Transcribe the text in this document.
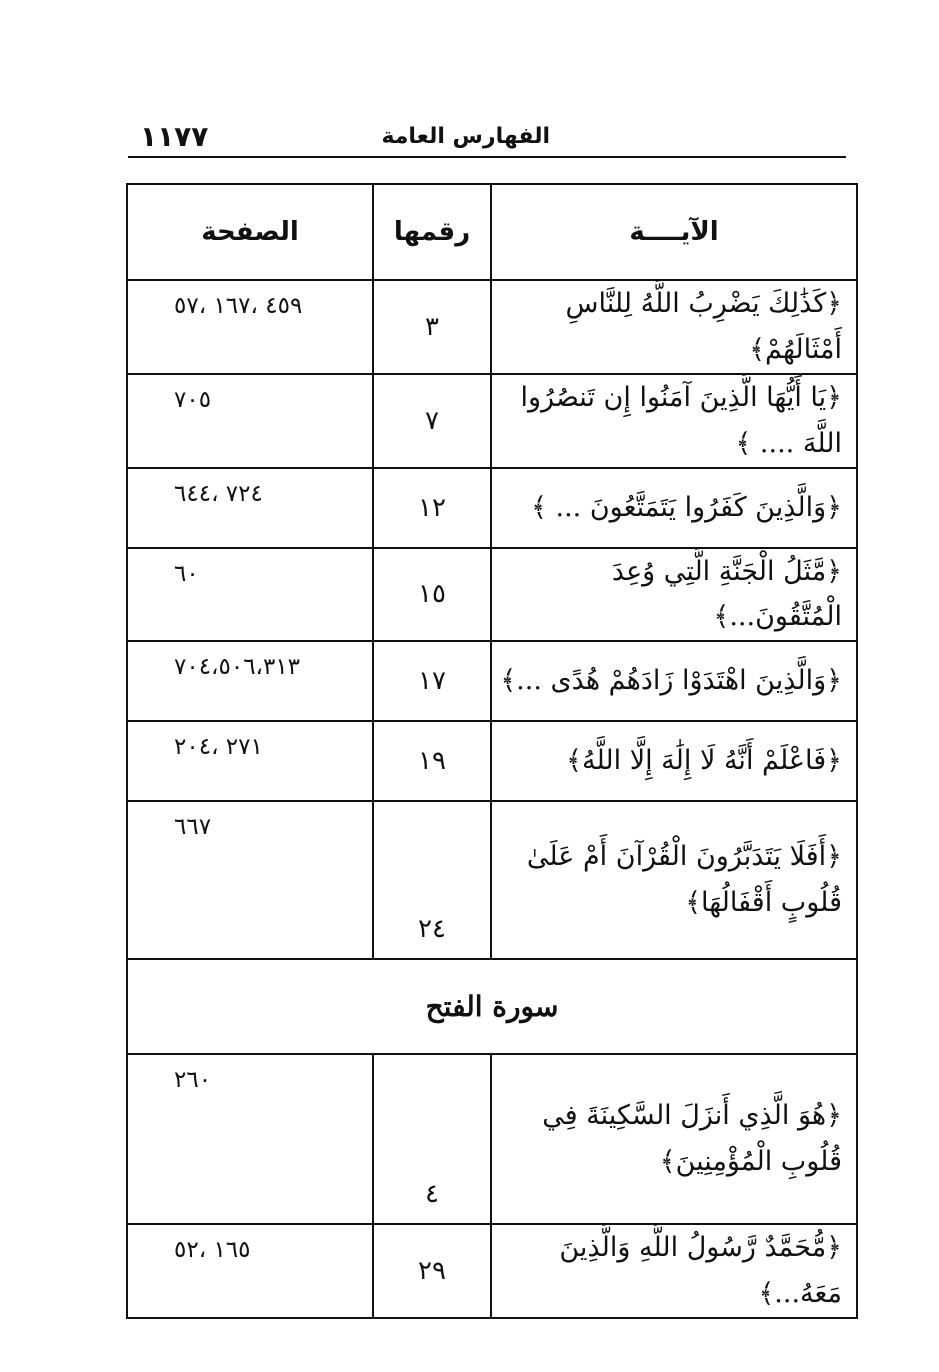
١١٧٧	الفهارس العامة
الآيــــة	رقمها	الصفحة
﴿كَذَٰلِكَ يَضْرِبُ اللَّهُ لِلنَّاسِ أَمْثَالَهُمْ﴾	٣	٤٥٩ ،١٦٧ ،٥٧
﴿يَا أَيُّهَا الَّذِينَ آمَنُوا إِن تَنصُرُوا اللَّهَ .... ﴾	٧	٧٠٥
﴿وَالَّذِينَ كَفَرُوا يَتَمَتَّعُونَ ... ﴾	١٢	٧٢٤ ،٦٤٤
﴿مَّثَلُ الْجَنَّةِ الَّتِي وُعِدَ الْمُتَّقُونَ...﴾	١٥	٦٠
﴿وَالَّذِينَ اهْتَدَوْا زَادَهُمْ هُدًى ...﴾	١٧	٧٠٤،٥٠٦،٣١٣
﴿فَاعْلَمْ أَنَّهُ لَا إِلَٰهَ إِلَّا اللَّهُ﴾	١٩	٢٧١ ،٢٠٤
﴿أَفَلَا يَتَدَبَّرُونَ الْقُرْآنَ أَمْ عَلَىٰ قُلُوبٍ أَقْفَالُهَا﴾	٢٤	٦٦٧
سورة الفتح		
﴿هُوَ الَّذِي أَنزَلَ السَّكِينَةَ فِي قُلُوبِ الْمُؤْمِنِينَ﴾	٤	٢٦٠
﴿مُّحَمَّدٌ رَّسُولُ اللَّهِ وَالَّذِينَ مَعَهُ...﴾	٢٩	١٦٥ ،٥٢
